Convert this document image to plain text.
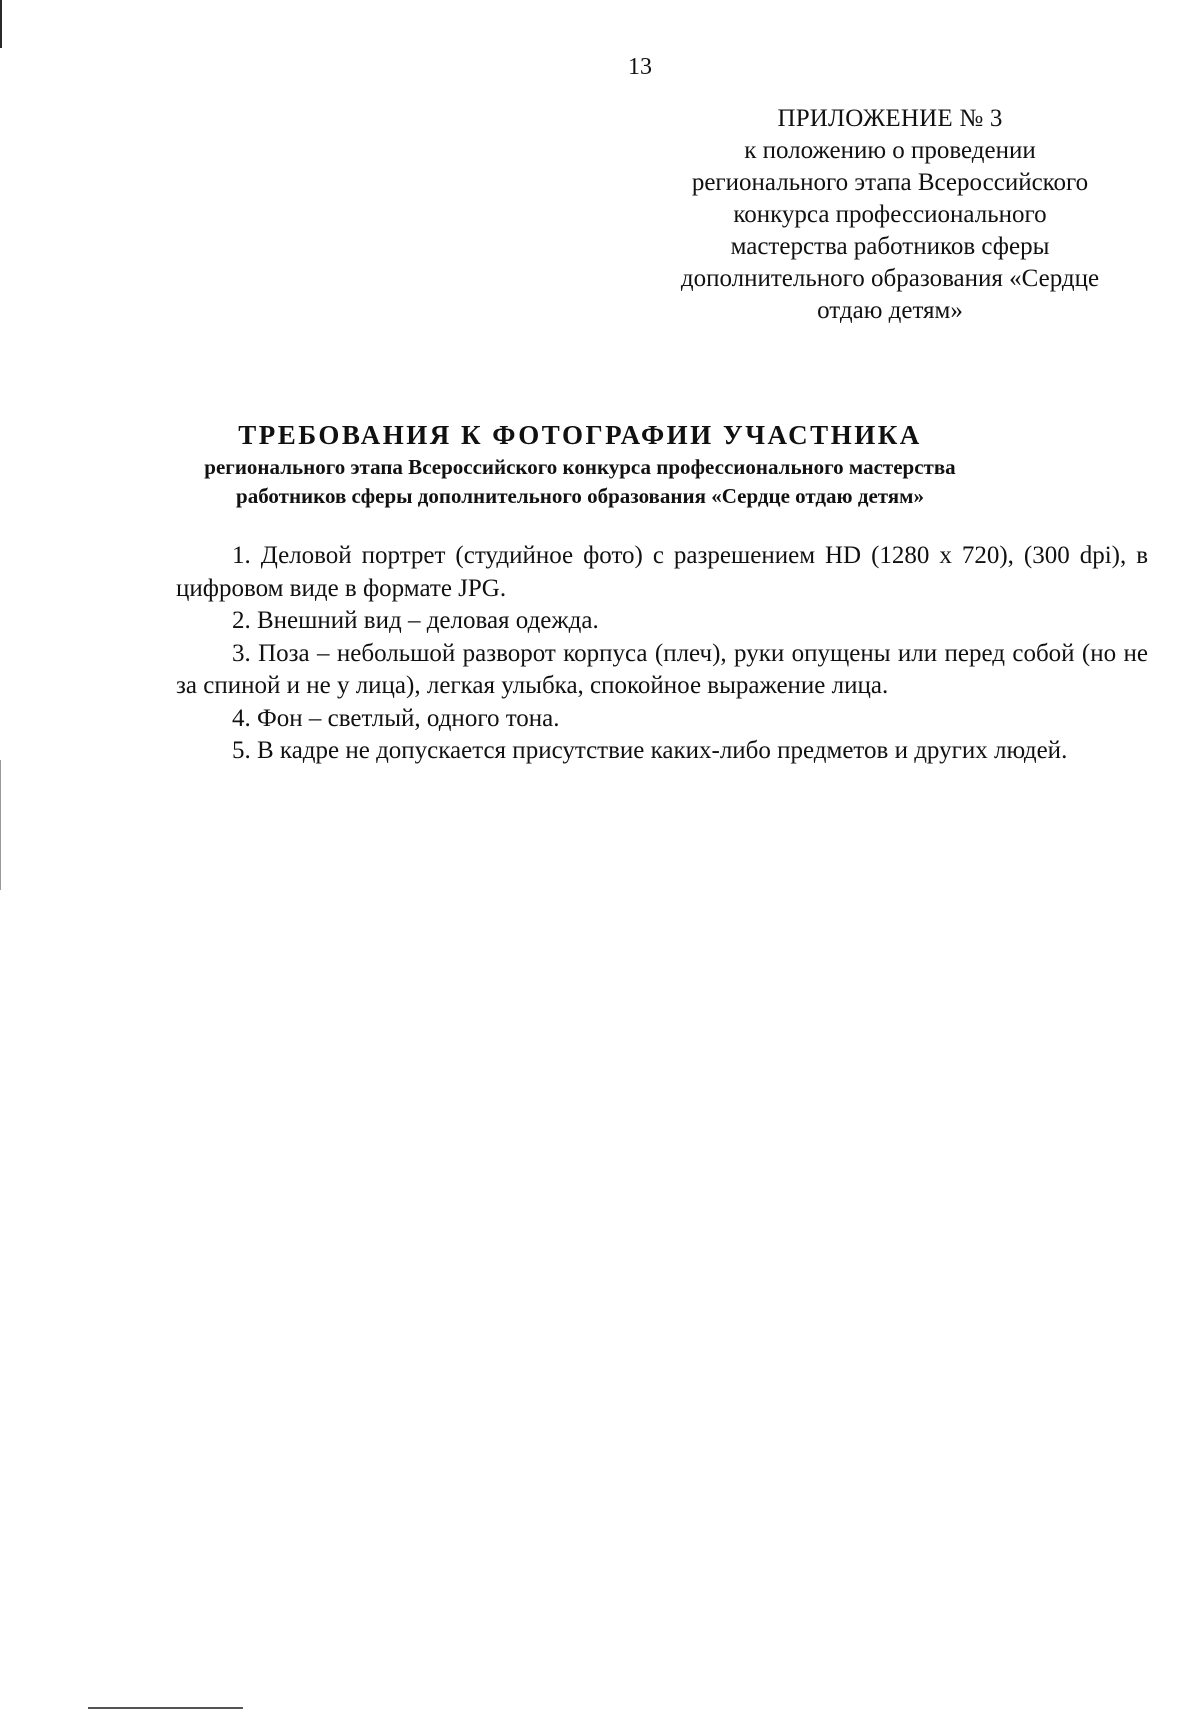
13
ПРИЛОЖЕНИЕ № 3
к положению о проведении
регионального этапа Всероссийского
конкурса профессионального
мастерства работников сферы
дополнительного образования «Сердце
отдаю детям»
ТРЕБОВАНИЯ К ФОТОГРАФИИ УЧАСТНИКА
регионального этапа Всероссийского конкурса профессионального мастерства
работников сферы дополнительного образования «Сердце отдаю детям»

1. Деловой портрет (студийное фото) с разрешением HD (1280 x 720), (300 dpi), в цифровом виде в формате JPG.

2. Внешний вид – деловая одежда.

3. Поза – небольшой разворот корпуса (плеч), руки опущены или перед собой (но не за спиной и не у лица), легкая улыбка, спокойное выражение лица.

4. Фон – светлый, одного тона.

5. В кадре не допускается присутствие каких-либо предметов и других людей.
